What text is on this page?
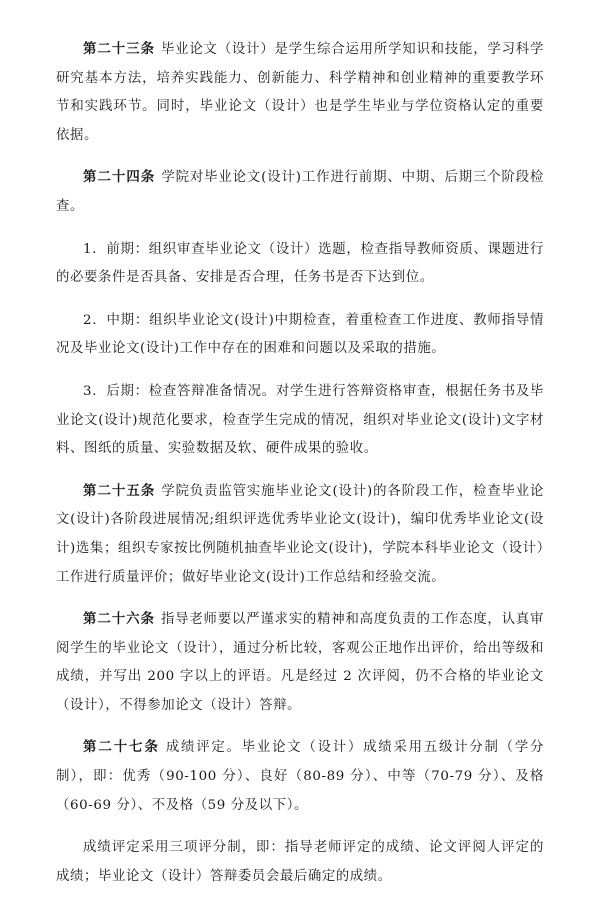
第二十三条 毕业论文（设计）是学生综合运用所学知识和技能，学习科学研究基本方法，培养实践能力、创新能力、科学精神和创业精神的重要教学环节和实践环节。同时，毕业论文（设计）也是学生毕业与学位资格认定的重要依据。

第二十四条 学院对毕业论文(设计)工作进行前期、中期、后期三个阶段检查。

1．前期：组织审查毕业论文（设计）选题，检查指导教师资质、课题进行的必要条件是否具备、安排是否合理，任务书是否下达到位。

2．中期：组织毕业论文(设计)中期检查，着重检查工作进度、教师指导情况及毕业论文(设计)工作中存在的困难和问题以及采取的措施。

3．后期：检查答辩准备情况。对学生进行答辩资格审查，根据任务书及毕业论文(设计)规范化要求，检查学生完成的情况，组织对毕业论文(设计)文字材料、图纸的质量、实验数据及软、硬件成果的验收。

第二十五条 学院负责监管实施毕业论文(设计)的各阶段工作，检查毕业论文(设计)各阶段进展情况;组织评选优秀毕业论文(设计)，编印优秀毕业论文(设计)选集；组织专家按比例随机抽查毕业论文(设计)，学院本科毕业论文（设计）工作进行质量评价；做好毕业论文(设计)工作总结和经验交流。

第二十六条 指导老师要以严谨求实的精神和高度负责的工作态度，认真审阅学生的毕业论文（设计），通过分析比较，客观公正地作出评价，给出等级和成绩，并写出 200 字以上的评语。凡是经过 2 次评阅，仍不合格的毕业论文（设计），不得参加论文（设计）答辩。

第二十七条 成绩评定。毕业论文（设计）成绩采用五级计分制（学分制），即：优秀（90-100 分）、良好（80-89 分）、中等（70-79 分）、及格（60-69 分）、不及格（59 分及以下）。

成绩评定采用三项评分制，即：指导老师评定的成绩、论文评阅人评定的成绩；毕业论文（设计）答辩委员会最后确定的成绩。
